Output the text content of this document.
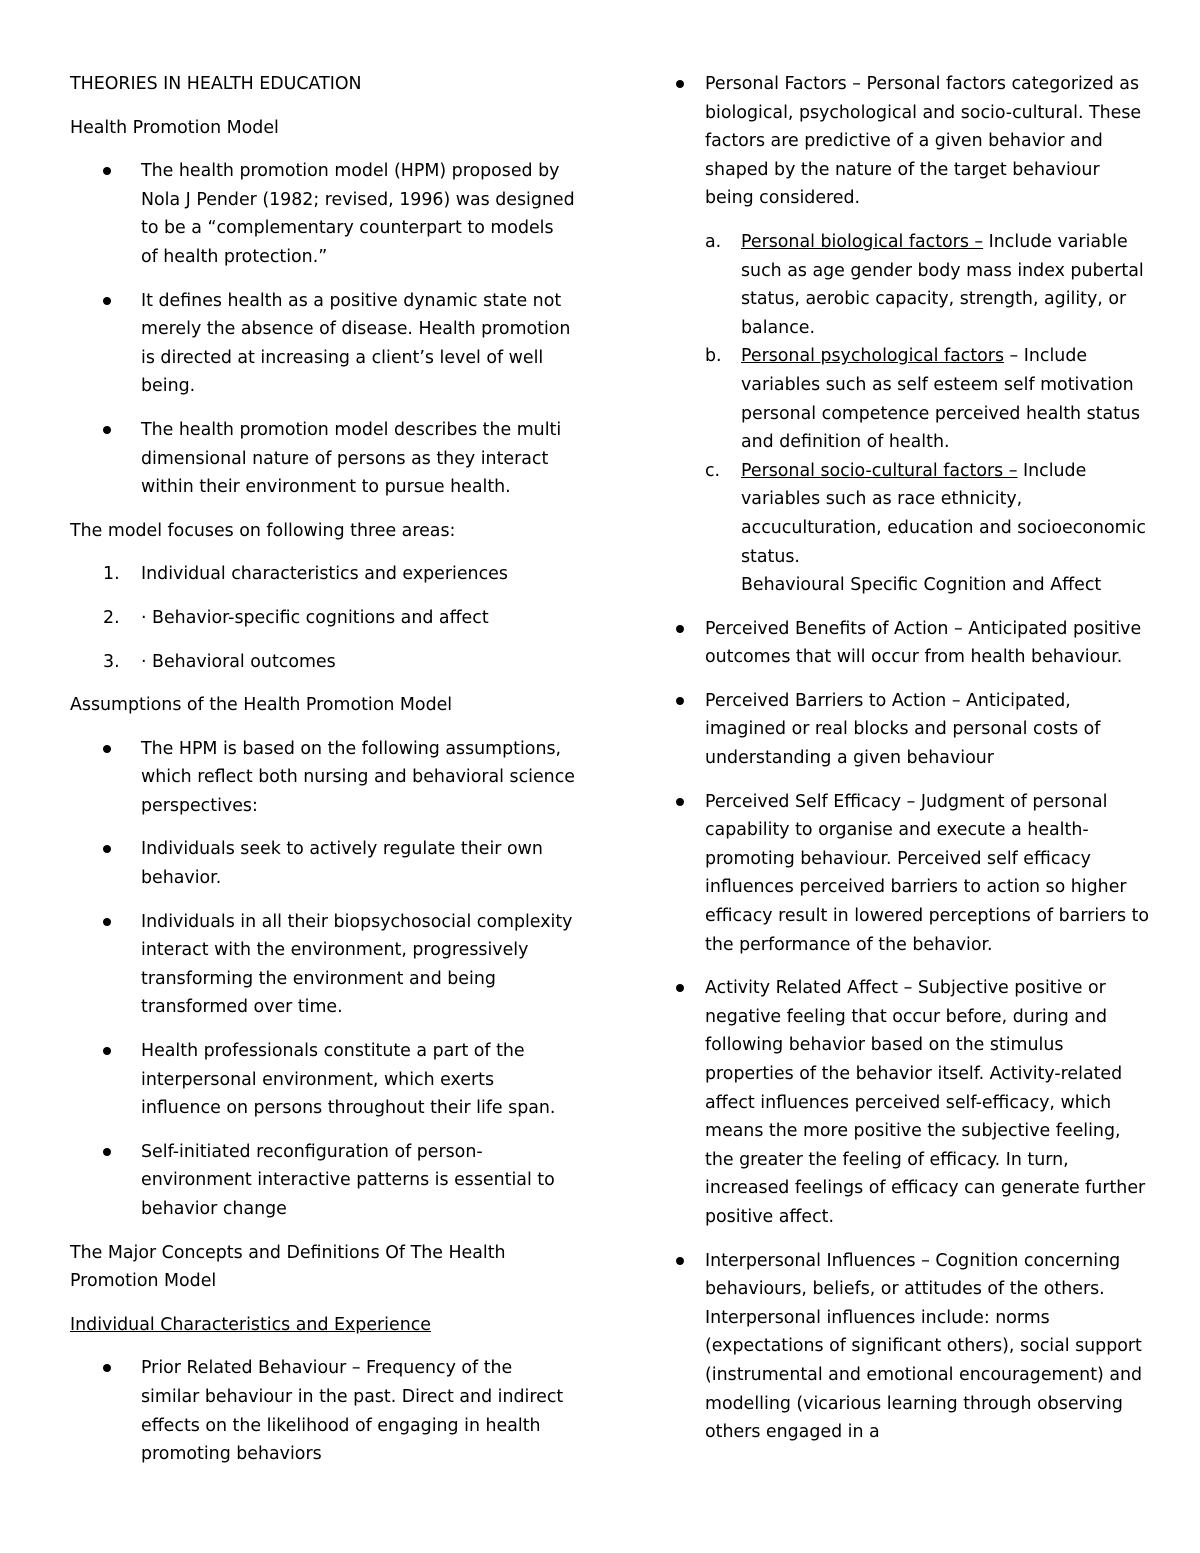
THEORIES IN HEALTH EDUCATION

Health Promotion Model

The health promotion model (HPM) proposed by Nola J Pender (1982; revised, 1996) was designed to be a “complementary counterpart to models of health protection.”
It defines health as a positive dynamic state not merely the absence of disease. Health promotion is directed at increasing a client’s level of well being.
The health promotion model describes the multi dimensional nature of persons as they interact within their environment to pursue health.

The model focuses on following three areas:

1. Individual characteristics and experiences
2. · Behavior-specific cognitions and affect
3. · Behavioral outcomes

Assumptions of the Health Promotion Model

The HPM is based on the following assumptions, which reflect both nursing and behavioral science perspectives:
Individuals seek to actively regulate their own behavior.
Individuals in all their biopsychosocial complexity interact with the environment, progressively transforming the environment and being transformed over time.
Health professionals constitute a part of the interpersonal environment, which exerts influence on persons throughout their life span.
Self-initiated reconfiguration of person-environment interactive patterns is essential to behavior change

The Major Concepts and Definitions Of The Health Promotion Model

Individual Characteristics and Experience

Prior Related Behaviour – Frequency of the similar behaviour in the past. Direct and indirect effects on the likelihood of engaging in health promoting behaviors
Personal Factors – Personal factors categorized as biological, psychological and socio-cultural. These factors are predictive of a given behavior and shaped by the nature of the target behaviour being considered.
a. Personal biological factors – Include variable such as age gender body mass index pubertal status, aerobic capacity, strength, agility, or balance.
b. Personal psychological factors – Include variables such as self esteem self motivation personal competence perceived health status and definition of health.
c. Personal socio-cultural factors – Include variables such as race ethnicity, accuculturation, education and socioeconomic status.

Behavioural Specific Cognition and Affect

Perceived Benefits of Action – Anticipated positive outcomes that will occur from health behaviour.
Perceived Barriers to Action – Anticipated, imagined or real blocks and personal costs of understanding a given behaviour
Perceived Self Efficacy – Judgment of personal capability to organise and execute a health-promoting behaviour. Perceived self efficacy influences perceived barriers to action so higher efficacy result in lowered perceptions of barriers to the performance of the behavior.
Activity Related Affect – Subjective positive or negative feeling that occur before, during and following behavior based on the stimulus properties of the behavior itself. Activity-related affect influences perceived self-efficacy, which means the more positive the subjective feeling, the greater the feeling of efficacy. In turn, increased feelings of efficacy can generate further positive affect.
Interpersonal Influences – Cognition concerning behaviours, beliefs, or attitudes of the others. Interpersonal influences include: norms (expectations of significant others), social support (instrumental and emotional encouragement) and modelling (vicarious learning through observing others engaged in a
